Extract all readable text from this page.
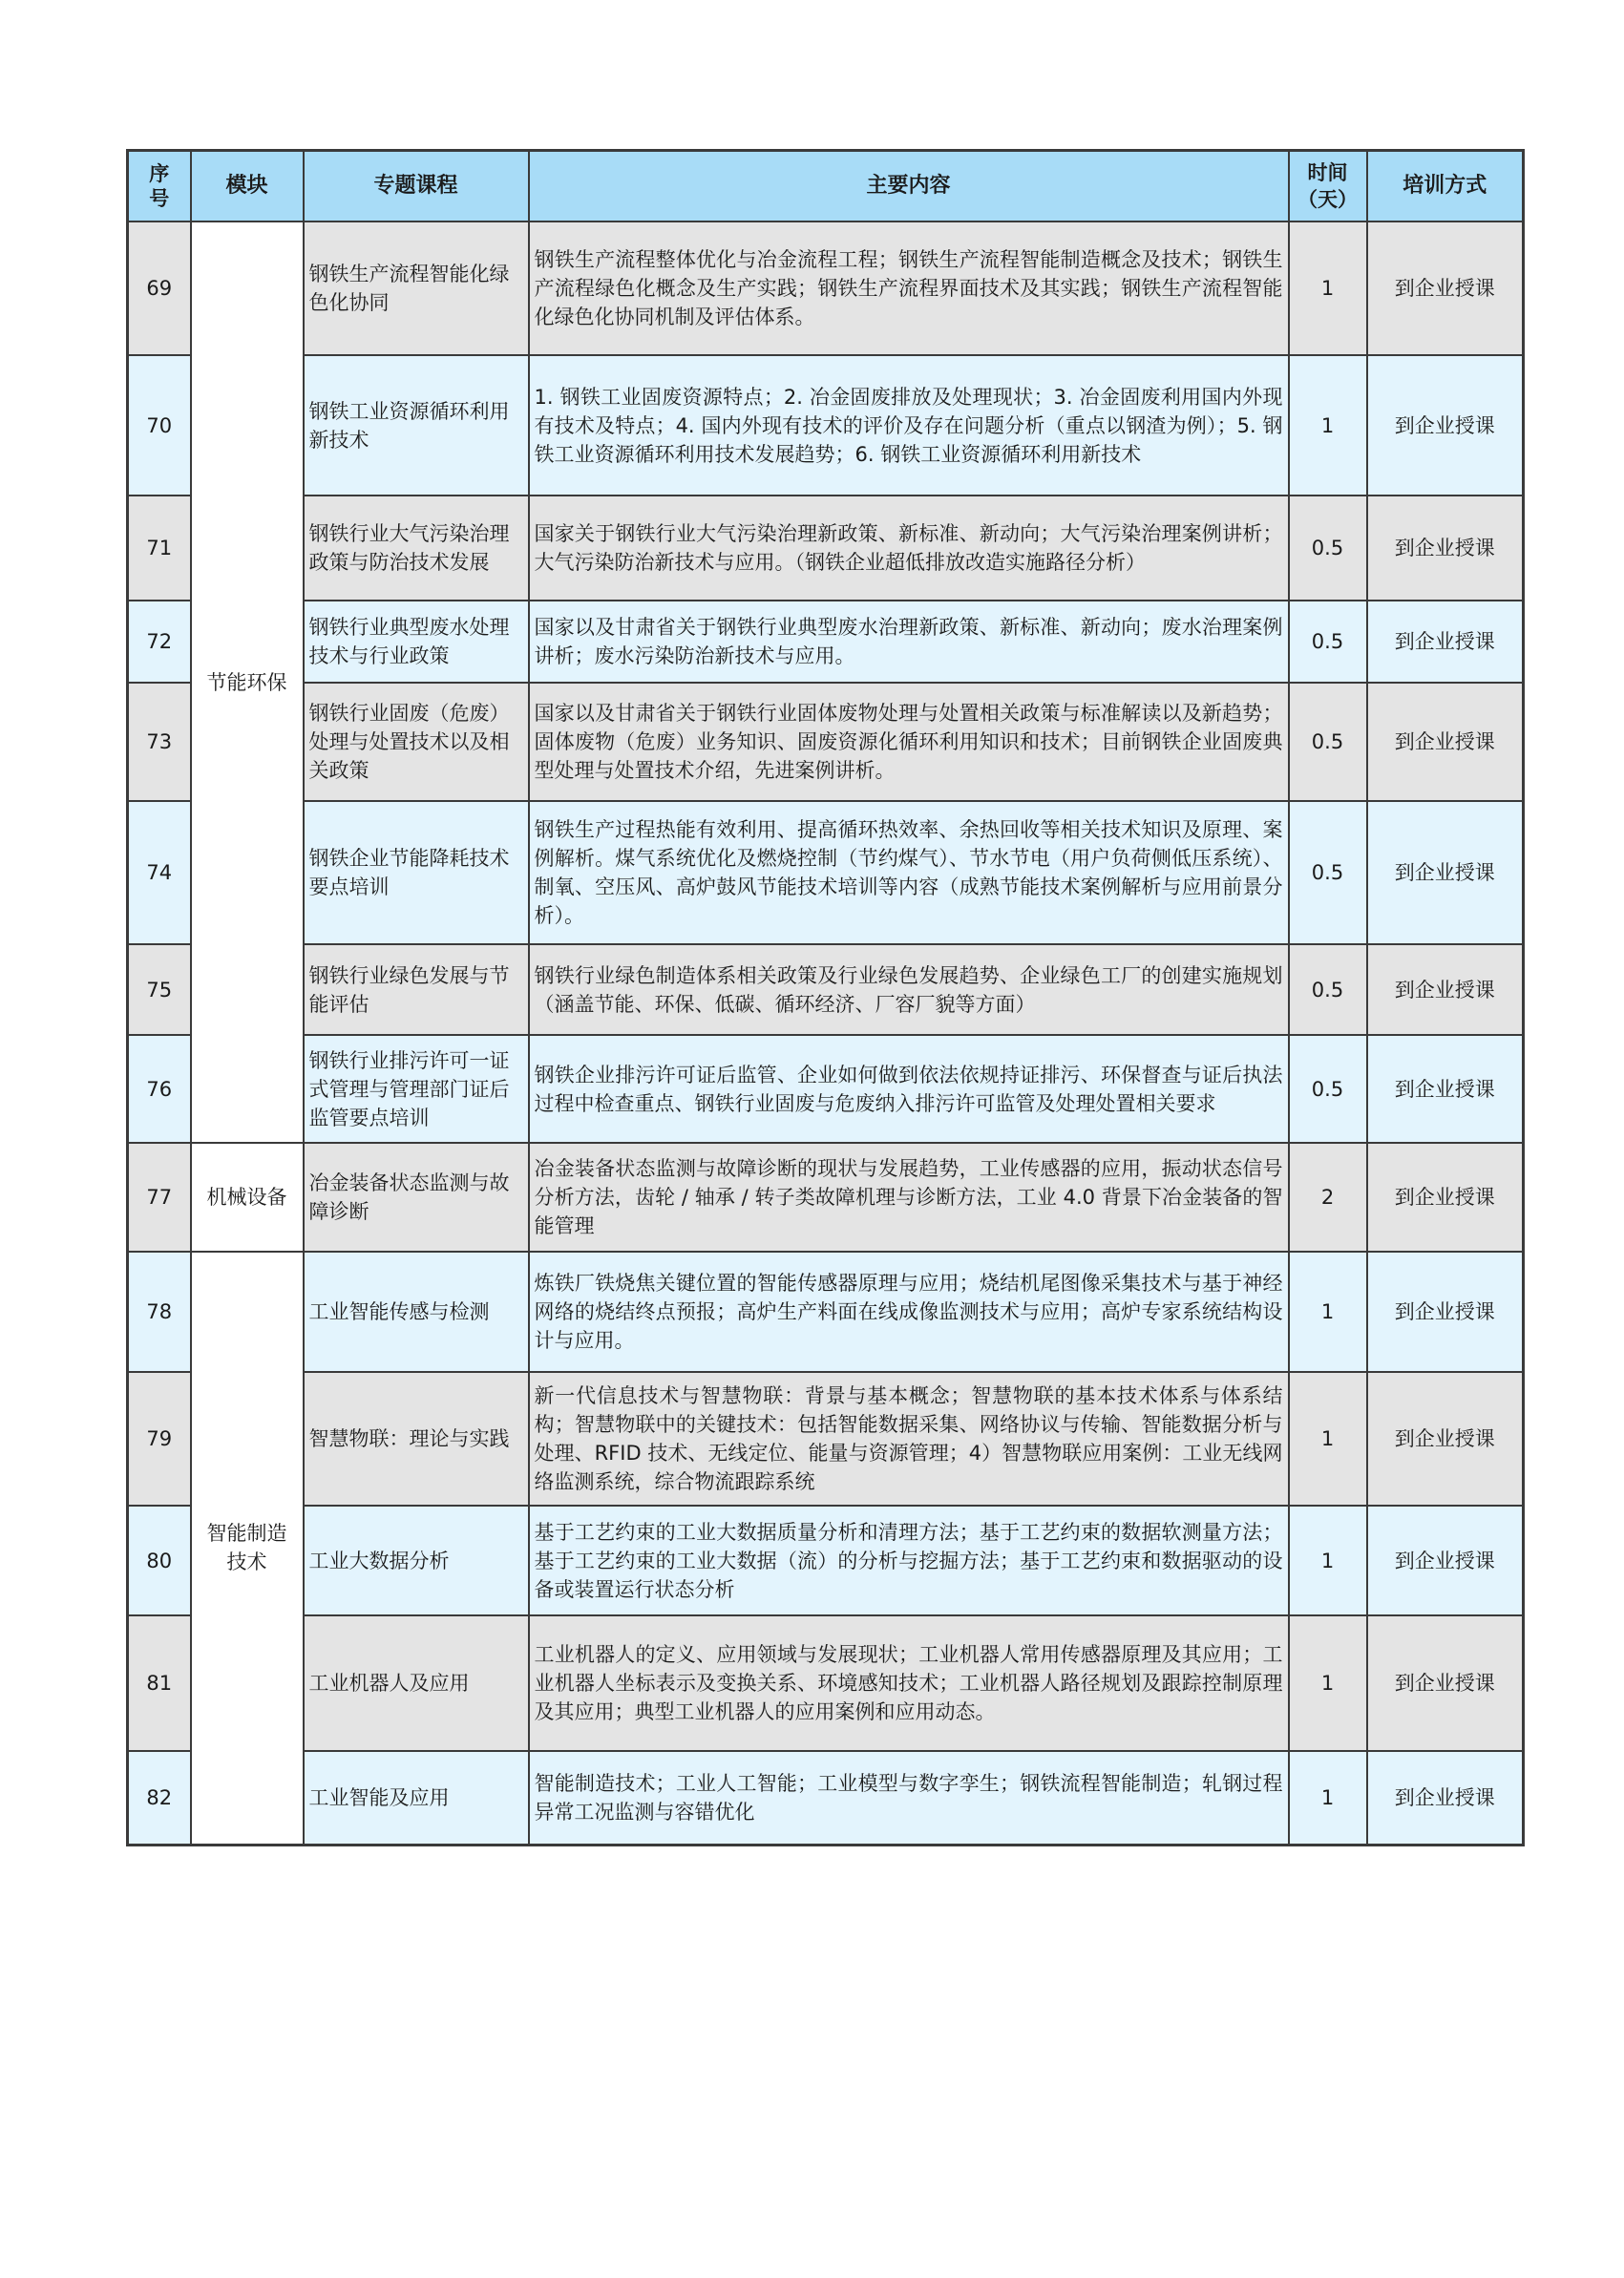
序号	模块	专题课程	主要内容	时间（天）	培训方式
69	节能环保	钢铁生产流程智能化绿色化协同	钢铁生产流程整体优化与冶金流程工程；钢铁生产流程智能制造概念及技术；钢铁生产流程绿色化概念及生产实践；钢铁生产流程界面技术及其实践；钢铁生产流程智能化绿色化协同机制及评估体系。	1	到企业授课
70		钢铁工业资源循环利用新技术	1. 钢铁工业固废资源特点；2. 冶金固废排放及处理现状；3. 冶金固废利用国内外现有技术及特点；4. 国内外现有技术的评价及存在问题分析（重点以钢渣为例）；5. 钢铁工业资源循环利用技术发展趋势；6. 钢铁工业资源循环利用新技术	1	到企业授课
71		钢铁行业大气污染治理政策与防治技术发展	国家关于钢铁行业大气污染治理新政策、新标准、新动向；大气污染治理案例讲析；大气污染防治新技术与应用。（钢铁企业超低排放改造实施路径分析）	0.5	到企业授课
72		钢铁行业典型废水处理技术与行业政策	国家以及甘肃省关于钢铁行业典型废水治理新政策、新标准、新动向；废水治理案例讲析；废水污染防治新技术与应用。	0.5	到企业授课
73		钢铁行业固废（危废）处理与处置技术以及相关政策	国家以及甘肃省关于钢铁行业固体废物处理与处置相关政策与标准解读以及新趋势；固体废物（危废）业务知识、固废资源化循环利用知识和技术；目前钢铁企业固废典型处理与处置技术介绍，先进案例讲析。	0.5	到企业授课
74		钢铁企业节能降耗技术要点培训	钢铁生产过程热能有效利用、提高循环热效率、余热回收等相关技术知识及原理、案例解析。煤气系统优化及燃烧控制（节约煤气）、节水节电（用户负荷侧低压系统）、制氧、空压风、高炉鼓风节能技术培训等内容（成熟节能技术案例解析与应用前景分析）。	0.5	到企业授课
75		钢铁行业绿色发展与节能评估	钢铁行业绿色制造体系相关政策及行业绿色发展趋势、企业绿色工厂的创建实施规划（涵盖节能、环保、低碳、循环经济、厂容厂貌等方面）	0.5	到企业授课
76		钢铁行业排污许可一证式管理与管理部门证后监管要点培训	钢铁企业排污许可证后监管、企业如何做到依法依规持证排污、环保督查与证后执法过程中检查重点、钢铁行业固废与危废纳入排污许可监管及处理处置相关要求	0.5	到企业授课
77	机械设备	冶金装备状态监测与故障诊断	冶金装备状态监测与故障诊断的现状与发展趋势，工业传感器的应用，振动状态信号分析方法，齿轮 / 轴承 / 转子类故障机理与诊断方法，工业 4.0 背景下冶金装备的智能管理	2	到企业授课
78	智能制造技术	工业智能传感与检测	炼铁厂铁烧焦关键位置的智能传感器原理与应用；烧结机尾图像采集技术与基于神经网络的烧结终点预报；高炉生产料面在线成像监测技术与应用；高炉专家系统结构设计与应用。	1	到企业授课
79		智慧物联：理论与实践	新一代信息技术与智慧物联：背景与基本概念；智慧物联的基本技术体系与体系结构；智慧物联中的关键技术：包括智能数据采集、网络协议与传输、智能数据分析与处理、RFID 技术、无线定位、能量与资源管理；4）智慧物联应用案例：工业无线网络监测系统，综合物流跟踪系统	1	到企业授课
80		工业大数据分析	基于工艺约束的工业大数据质量分析和清理方法；基于工艺约束的数据软测量方法；基于工艺约束的工业大数据（流）的分析与挖掘方法；基于工艺约束和数据驱动的设备或装置运行状态分析	1	到企业授课
81		工业机器人及应用	工业机器人的定义、应用领域与发展现状；工业机器人常用传感器原理及其应用；工业机器人坐标表示及变换关系、环境感知技术；工业机器人路径规划及跟踪控制原理及其应用；典型工业机器人的应用案例和应用动态。	1	到企业授课
82		工业智能及应用	智能制造技术；工业人工智能；工业模型与数字孪生；钢铁流程智能制造；轧钢过程异常工况监测与容错优化	1	到企业授课
